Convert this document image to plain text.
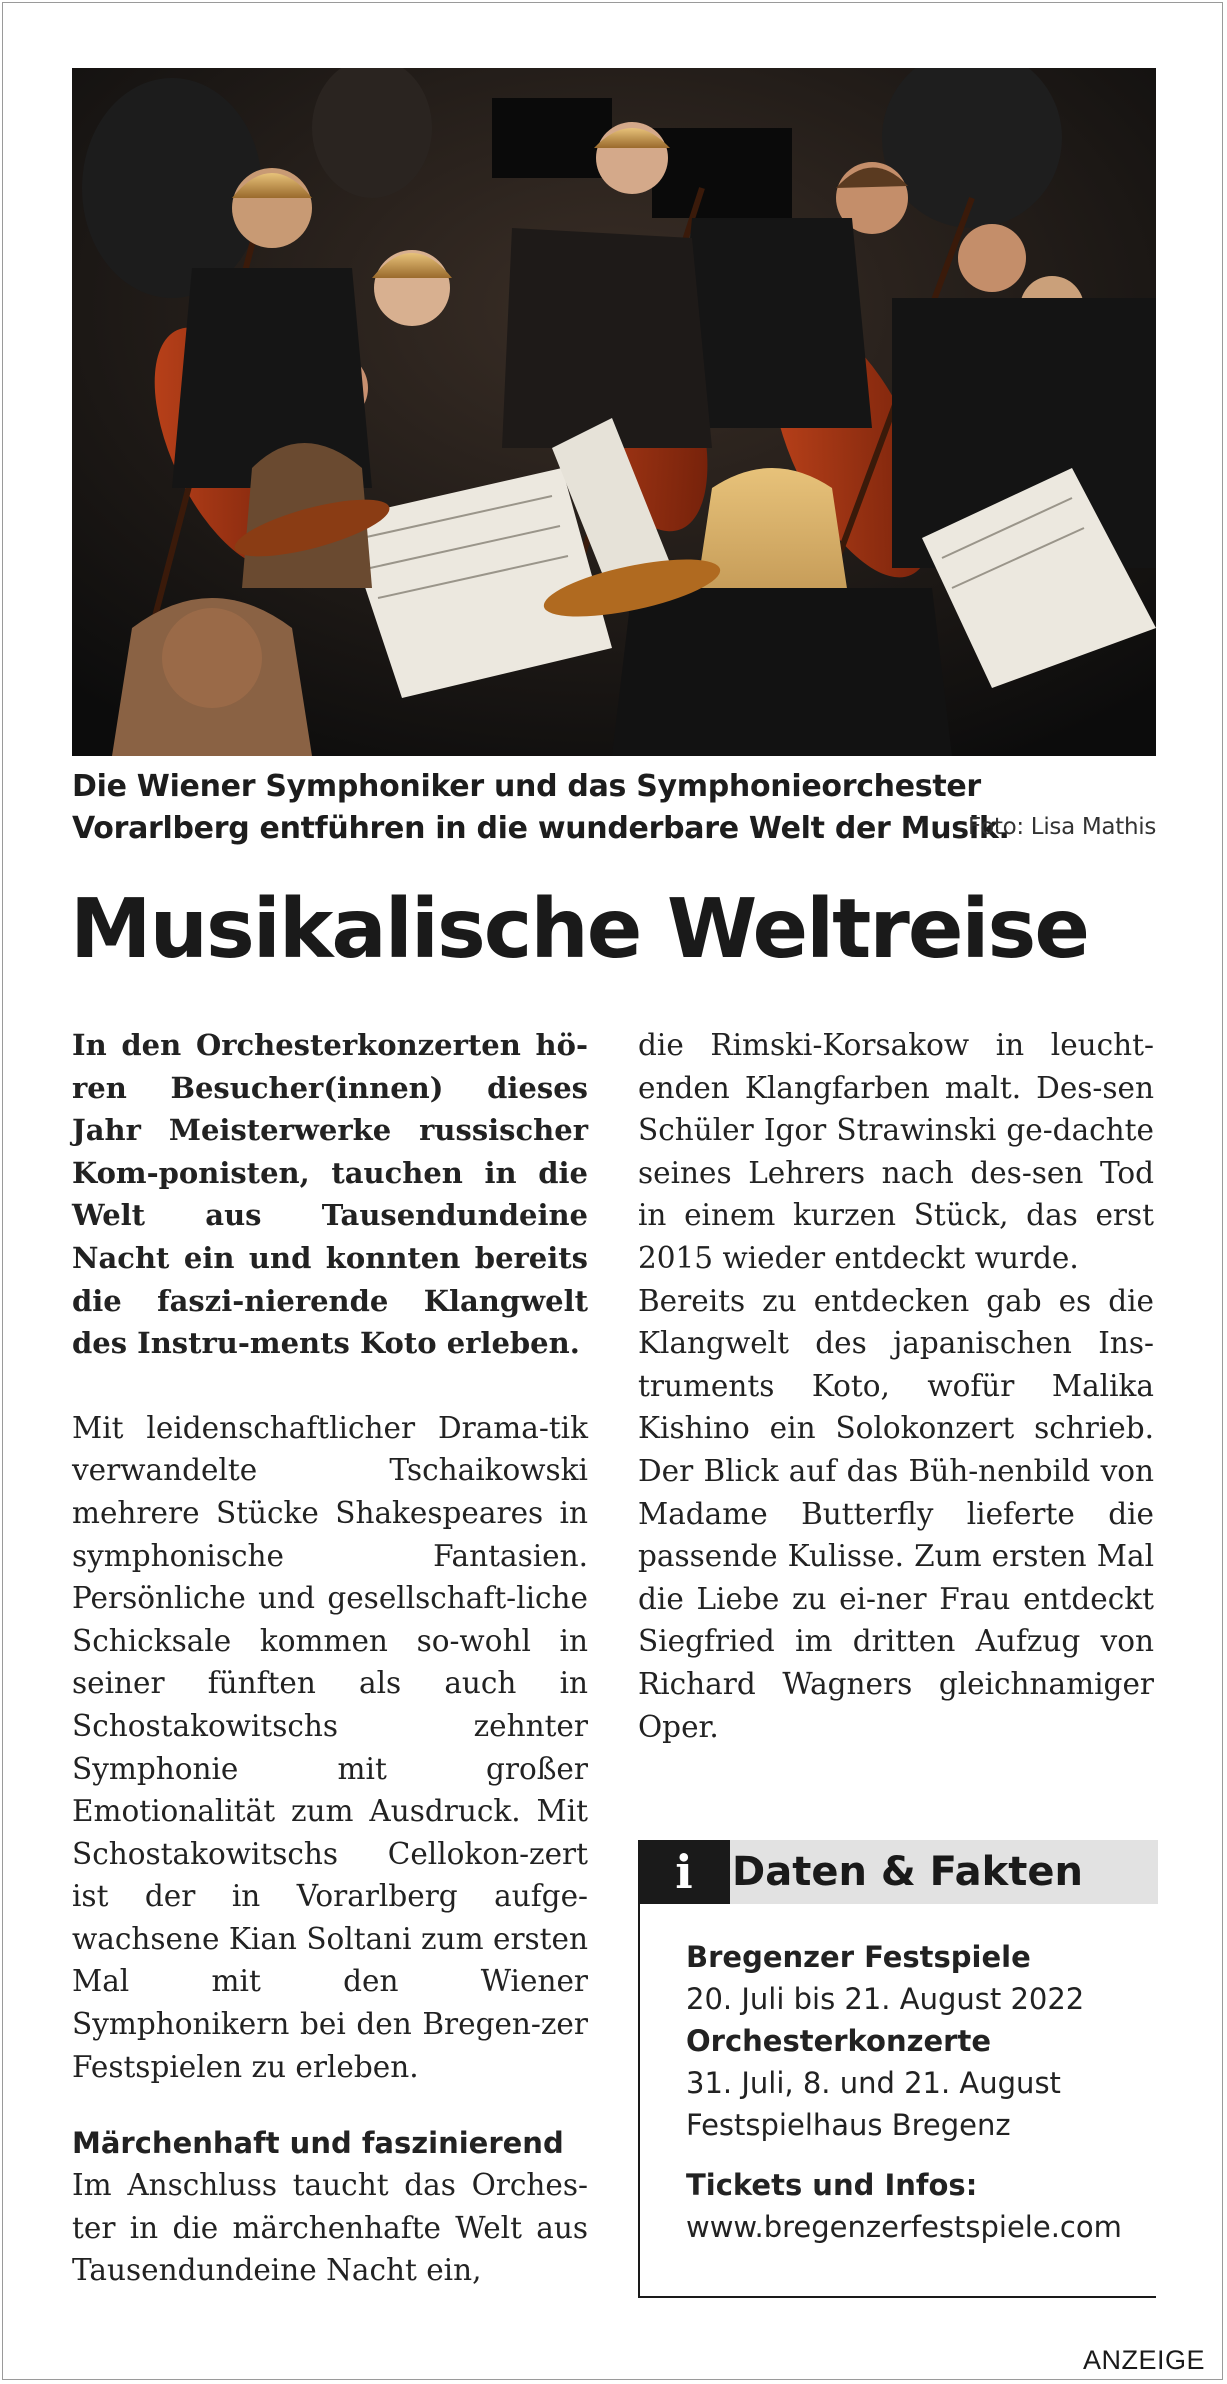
Die Wiener Symphoniker und das Symphonieorchester Vorarlberg entführen in die wunderbare Welt der Musik.
Foto: Lisa Mathis
Musikalische Weltreise

In den Orchesterkonzerten hö-ren Besucher(innen) dieses Jahr Meisterwerke russischer Kom-ponisten, tauchen in die Welt aus Tausendundeine Nacht ein und konnten bereits die faszi-nierende Klangwelt des Instru-ments Koto erleben.

Mit leidenschaftlicher Drama-tik verwandelte Tschaikowski mehrere Stücke Shakespeares in symphonische Fantasien. Persönliche und gesellschaft-liche Schicksale kommen so-wohl in seiner fünften als auch in Schostakowitschs zehnter Symphonie mit großer Emotionalität zum Ausdruck. Mit Schostakowitschs Cellokon-zert ist der in Vorarlberg aufge-wachsene Kian Soltani zum ersten Mal mit den Wiener Symphonikern bei den Bregen-zer Festspielen zu erleben.

Märchenhaft und faszinierend

Im Anschluss taucht das Orches-ter in die märchenhafte Welt aus Tausendundeine Nacht ein,

die Rimski-Korsakow in leucht-enden Klangfarben malt. Des-sen Schüler Igor Strawinski ge-dachte seines Lehrers nach des-sen Tod in einem kurzen Stück, das erst 2015 wieder entdeckt wurde.

Bereits zu entdecken gab es die Klangwelt des japanischen Ins-truments Koto, wofür Malika Kishino ein Solokonzert schrieb. Der Blick auf das Büh-nenbild von Madame Butterfly lieferte die passende Kulisse. Zum ersten Mal die Liebe zu ei-ner Frau entdeckt Siegfried im dritten Aufzug von Richard Wagners gleichnamiger Oper.

i Daten & Fakten
Bregenzer Festspiele
20. Juli bis 21. August 2022
Orchesterkonzerte
31. Juli, 8. und 21. August
Festspielhaus Bregenz
Tickets und Infos:
www.bregenzerfestspiele.com
ANZEIGE
